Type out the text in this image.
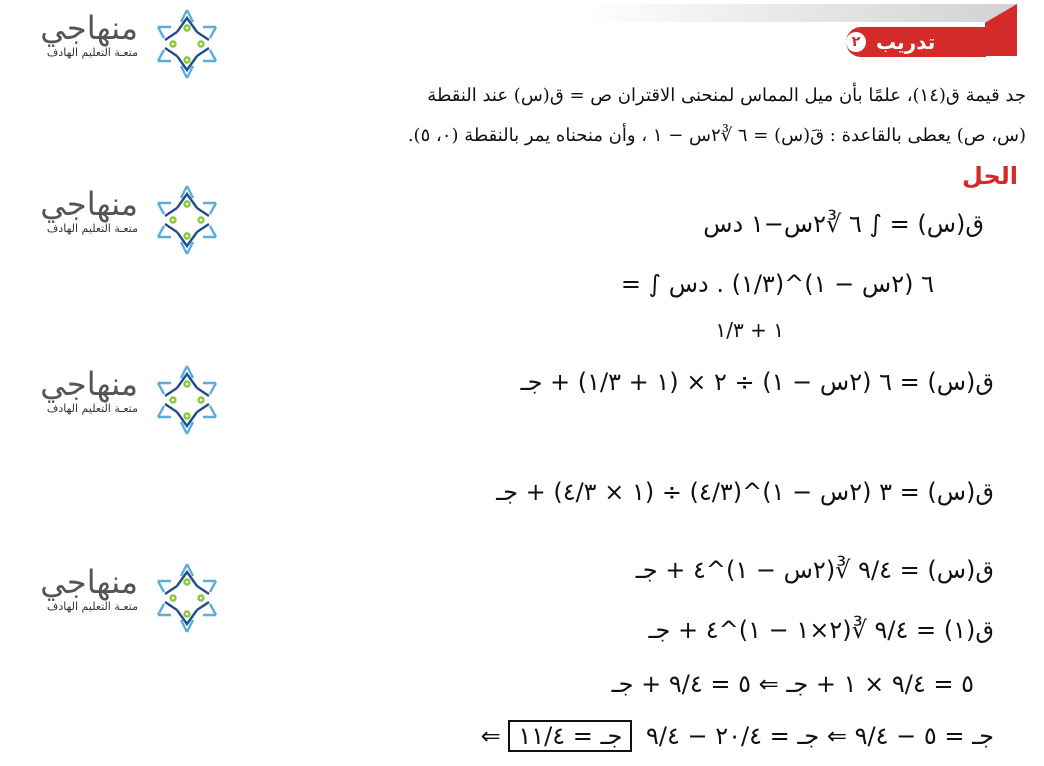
تدريب
٢
منهاجي
متعـة التعليم الهادف
منهاجي
متعـة التعليم الهادف
منهاجي
متعـة التعليم الهادف
منهاجي
متعـة التعليم الهادف
جد قيمة ق(١٤)، علمًا بأن ميل المماس لمنحنى الاقتران ص = ق(س) عند النقطة
(س، ص) يعطى بالقاعدة : قَ(س) = ٦ ∛٢س − ١ ، وأن منحناه يمر بالنقطة (٠، ٥).
الحل
ق(س) = ∫ ٦ ∛٢س−١ دس
= ∫ ٦ (٢س − ١)^(١/٣) . دس
١ + ١/٣
ق(س) = ٦ (٢س − ١) ÷ ٢ × (١ + ١/٣) + جـ
ق(س) = ٣ (٢س − ١)^(٤/٣) ÷ (١ × ٤/٣) + جـ
ق(س) = ٩/٤ ∛(٢س − ١)^٤ + جـ
ق(١) = ٩/٤ ∛(٢×١ − ١)^٤ + جـ
٥ = ٩/٤ × ١ + جـ ⇐ ٥ = ٩/٤ + جـ
⇐ جـ = ٥ − ٩/٤ ⇐ جـ = ٢٠/٤ − ٩/٤ جـ = ١١/٤
